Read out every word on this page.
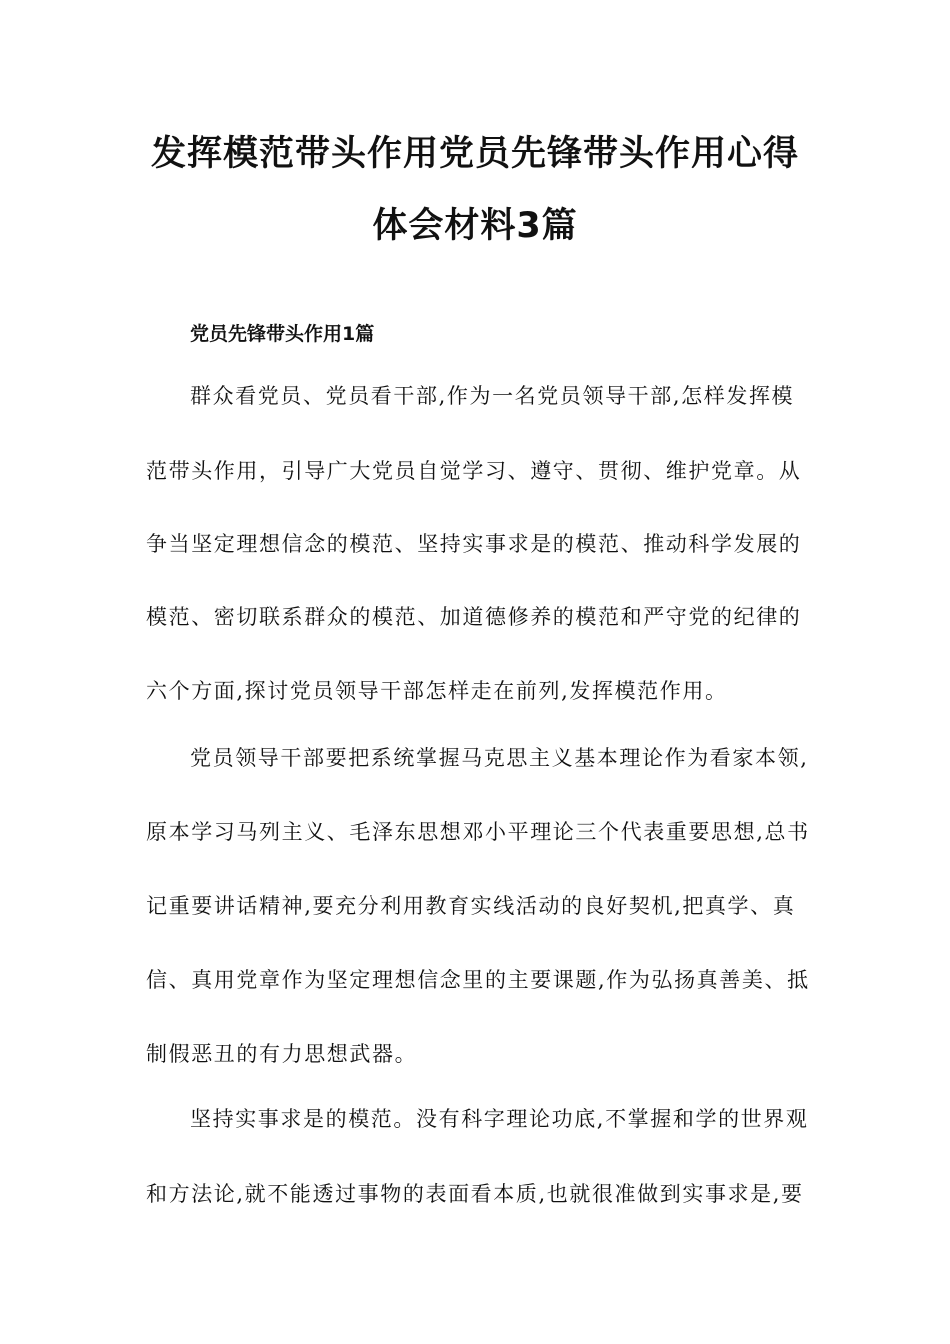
发挥模范带头作用党员先锋带头作用心得
体会材料3篇
党员先锋带头作用1篇
群众看党员、党员看干部,作为一名党员领导干部,怎样发挥模
范带头作用，引导广大党员自觉学习、遵守、贯彻、维护党章。从
争当坚定理想信念的模范、坚持实事求是的模范、推动科学发展的
模范、密切联系群众的模范、加道德修养的模范和严守党的纪律的
六个方面,探讨党员领导干部怎样走在前列,发挥模范作用。
党员领导干部要把系统掌握马克思主义基本理论作为看家本领,
原本学习马列主义、毛泽东思想邓小平理论三个代表重要思想,总书
记重要讲话精神,要充分利用教育实线活动的良好契机,把真学、真
信、真用党章作为坚定理想信念里的主要课题,作为弘扬真善美、抵
制假恶丑的有力思想武器。
坚持实事求是的模范。没有科字理论功底,不掌握和学的世界观
和方法论,就不能透过事物的表面看本质,也就很准做到实事求是,要
